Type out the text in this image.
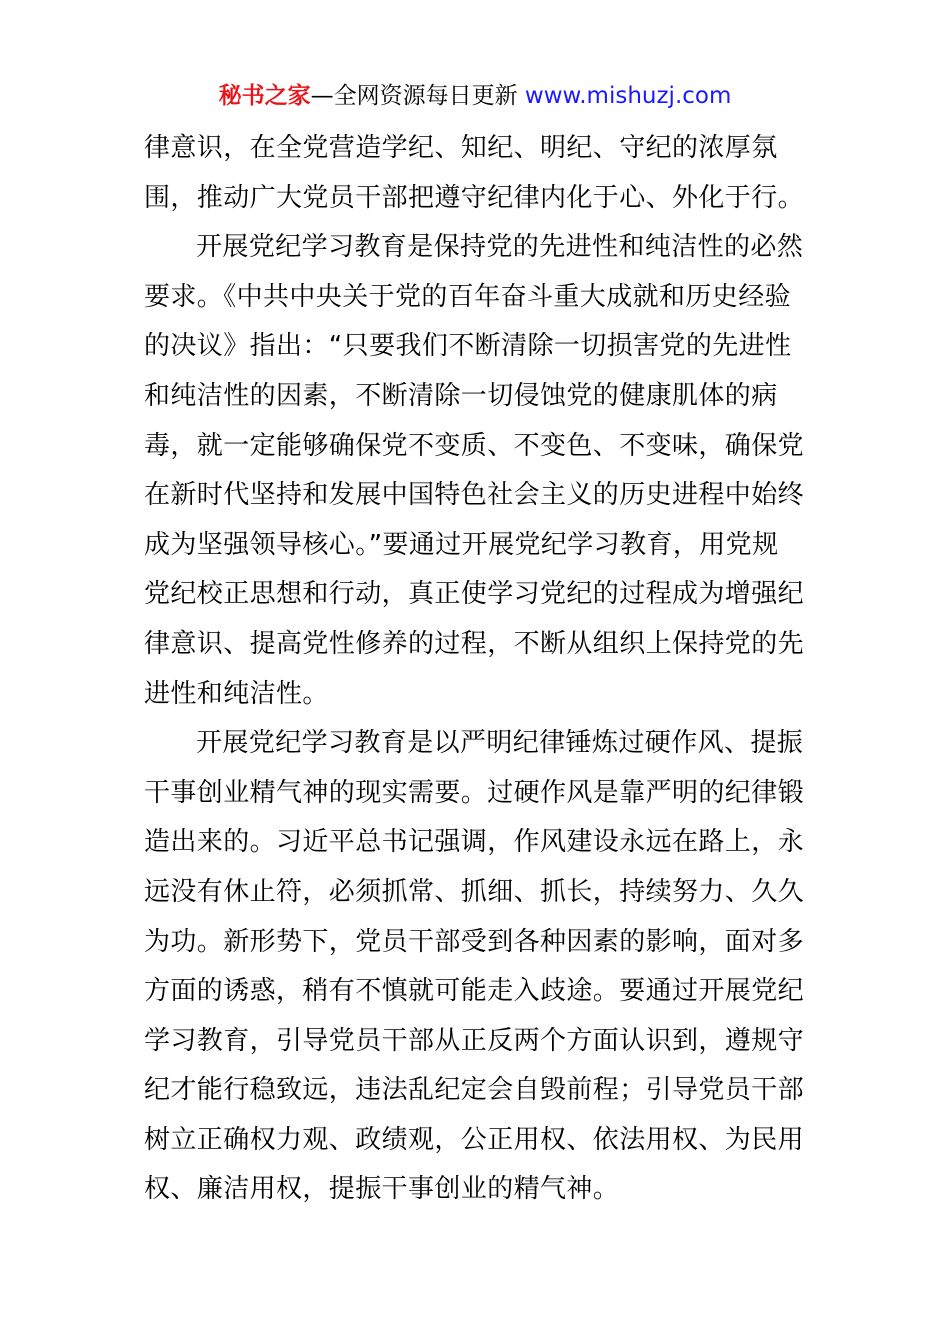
秘书之家—全网资源每日更新 www.mishuzj.com
律意识，在全党营造学纪、知纪、明纪、守纪的浓厚氛
围，推动广大党员干部把遵守纪律内化于心、外化于行。
开展党纪学习教育是保持党的先进性和纯洁性的必然
要求。《中共中央关于党的百年奋斗重大成就和历史经验
的决议》指出：“只要我们不断清除一切损害党的先进性
和纯洁性的因素，不断清除一切侵蚀党的健康肌体的病
毒，就一定能够确保党不变质、不变色、不变味，确保党
在新时代坚持和发展中国特色社会主义的历史进程中始终
成为坚强领导核心。”要通过开展党纪学习教育，用党规
党纪校正思想和行动，真正使学习党纪的过程成为增强纪
律意识、提高党性修养的过程，不断从组织上保持党的先
进性和纯洁性。
开展党纪学习教育是以严明纪律锤炼过硬作风、提振
干事创业精气神的现实需要。过硬作风是靠严明的纪律锻
造出来的。习近平总书记强调，作风建设永远在路上，永
远没有休止符，必须抓常、抓细、抓长，持续努力、久久
为功。新形势下，党员干部受到各种因素的影响，面对多
方面的诱惑，稍有不慎就可能走入歧途。要通过开展党纪
学习教育，引导党员干部从正反两个方面认识到，遵规守
纪才能行稳致远，违法乱纪定会自毁前程；引导党员干部
树立正确权力观、政绩观，公正用权、依法用权、为民用
权、廉洁用权，提振干事创业的精气神。
